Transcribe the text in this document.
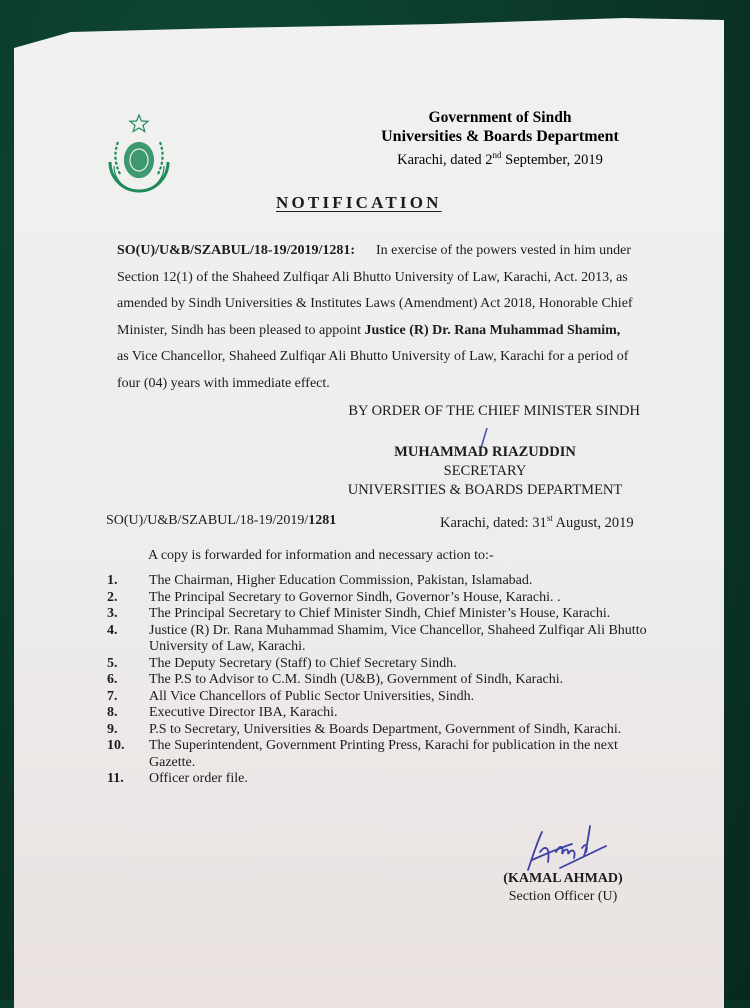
Government of Sindh
Universities & Boards Department
Karachi, dated 2nd September, 2019
NOTIFICATION
SO(U)/U&B/SZABUL/18-19/2019/1281: In exercise of the powers vested in him under
Section 12(1) of the Shaheed Zulfiqar Ali Bhutto University of Law, Karachi, Act. 2013, as
amended by Sindh Universities & Institutes Laws (Amendment) Act 2018, Honorable Chief
Minister, Sindh has been pleased to appoint Justice (R) Dr. Rana Muhammad Shamim,
as Vice Chancellor, Shaheed Zulfiqar Ali Bhutto University of Law, Karachi for a period of
four (04) years with immediate effect.
BY ORDER OF THE CHIEF MINISTER SINDH
MUHAMMAD RIAZUDDIN
SECRETARY
UNIVERSITIES & BOARDS DEPARTMENT
SO(U)/U&B/SZABUL/18-19/2019/1281	Karachi, dated: 31st August, 2019
A copy is forwarded for information and necessary action to:-
1.	The Chairman, Higher Education Commission, Pakistan, Islamabad.
2.	The Principal Secretary to Governor Sindh, Governor’s House, Karachi. .
3.	The Principal Secretary to Chief Minister Sindh, Chief Minister’s House, Karachi.
4.	Justice (R) Dr. Rana Muhammad Shamim, Vice Chancellor, Shaheed Zulfiqar Ali Bhutto University of Law, Karachi.
5.	The Deputy Secretary (Staff) to Chief Secretary Sindh.
6.	The P.S to Advisor to C.M. Sindh (U&B), Government of Sindh, Karachi.
7.	All Vice Chancellors of Public Sector Universities, Sindh.
8.	Executive Director IBA, Karachi.
9.	P.S to Secretary, Universities & Boards Department, Government of Sindh, Karachi.
10.	The Superintendent, Government Printing Press, Karachi for publication in the next Gazette.
11.	Officer order file.
(KAMAL AHMAD)
Section Officer (U)
